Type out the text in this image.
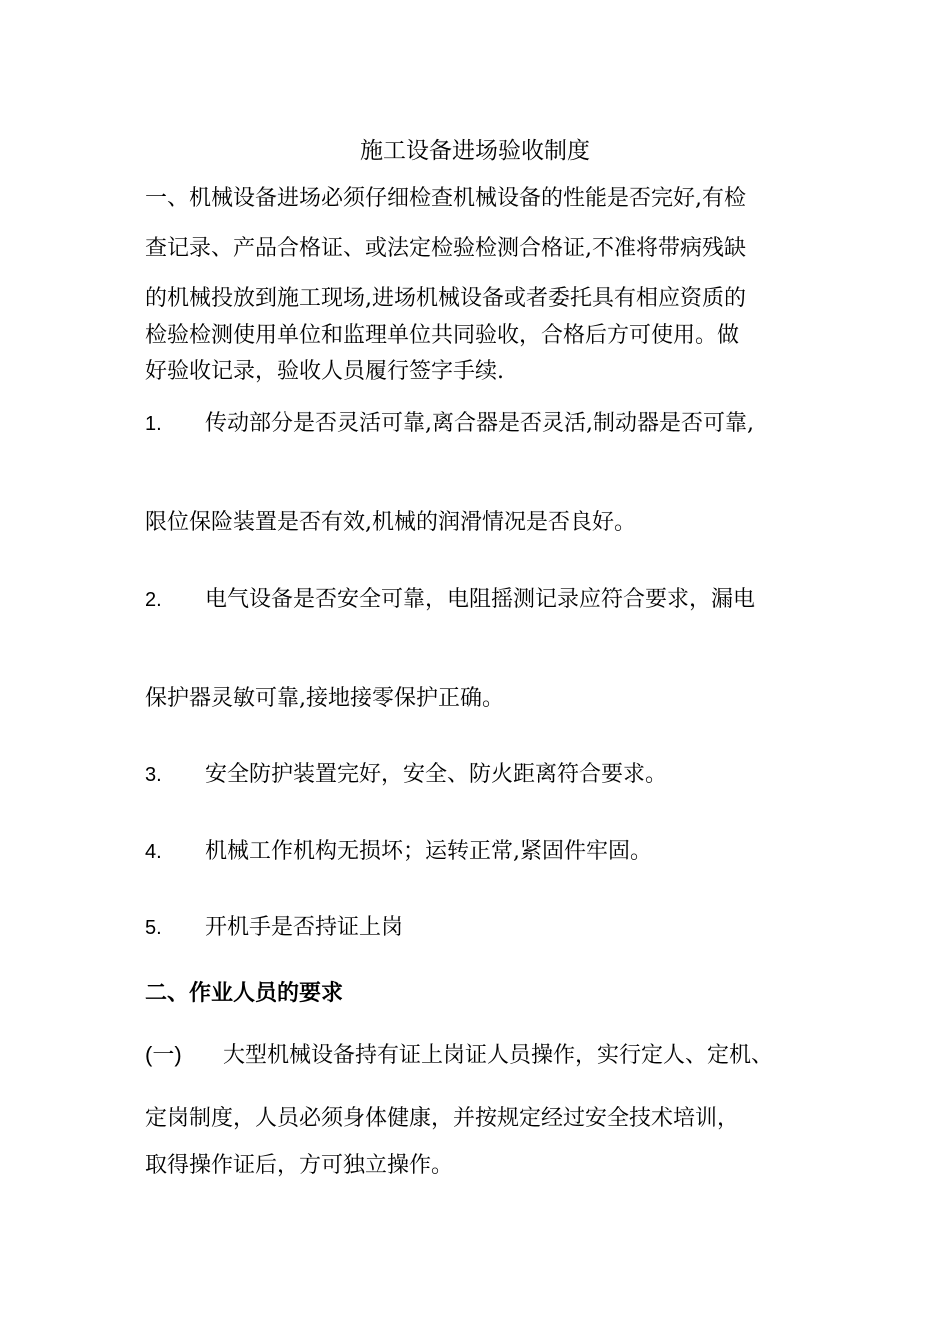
施工设备进场验收制度
一、机械设备进场必须仔细检查机械设备的性能是否完好,有检
查记录、产品合格证、或法定检验检测合格证,不准将带病残缺
的机械投放到施工现场,进场机械设备或者委托具有相应资质的
检验检测使用单位和监理单位共同验收，合格后方可使用。做
好验收记录，验收人员履行签字手续.
1. 传动部分是否灵活可靠,离合器是否灵活,制动器是否可靠,
限位保险装置是否有效,机械的润滑情况是否良好。
2. 电气设备是否安全可靠，电阻摇测记录应符合要求，漏电
保护器灵敏可靠,接地接零保护正确。
3. 安全防护装置完好，安全、防火距离符合要求。
4. 机械工作机构无损坏；运转正常,紧固件牢固。
5. 开机手是否持证上岗
二、作业人员的要求
(一) 大型机械设备持有证上岗证人员操作，实行定人、定机、
定岗制度，人员必须身体健康，并按规定经过安全技术培训，
取得操作证后，方可独立操作。
